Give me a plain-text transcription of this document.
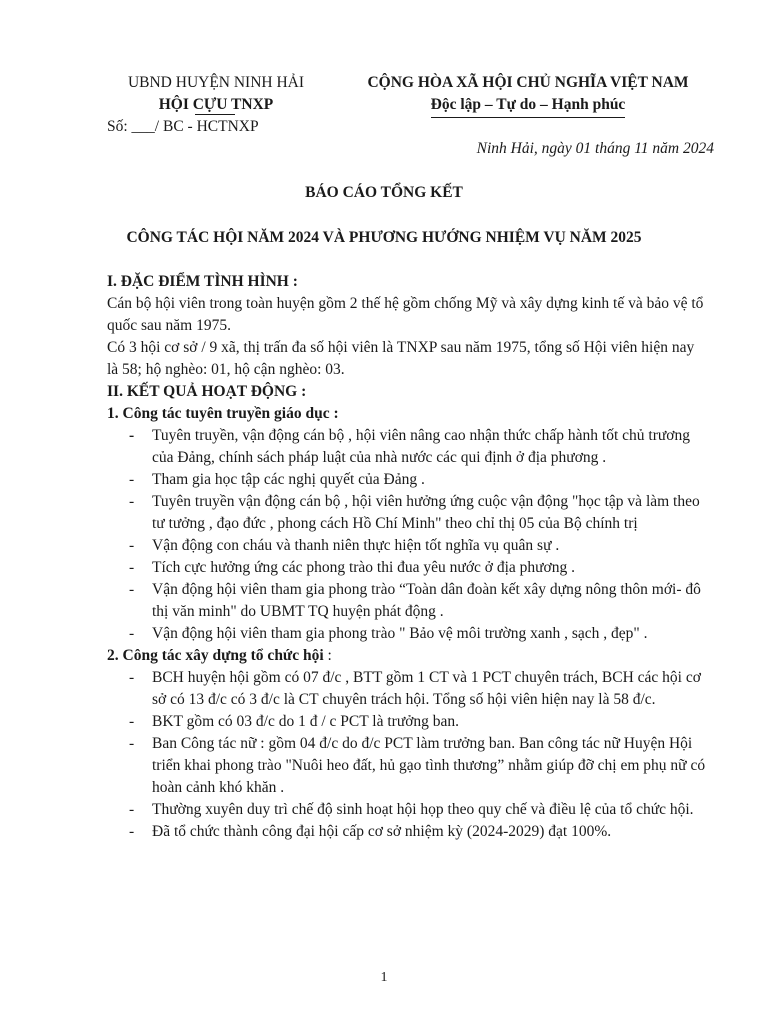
UBND HUYỆN NINH HẢI
HỘI CỰU TNXP
Số: ___/ BC - HCTNXP
CỘNG HÒA XÃ HỘI CHỦ NGHĨA VIỆT NAM
Độc lập – Tự do – Hạnh phúc
Ninh Hải, ngày 01 tháng 11 năm 2024
BÁO CÁO TỔNG KẾT
CÔNG TÁC HỘI NĂM 2024 VÀ PHƯƠNG HƯỚNG NHIỆM VỤ NĂM 2025

I. ĐẶC ĐIỂM TÌNH HÌNH :

Cán bộ hội viên trong toàn huyện gồm 2 thế hệ gồm chống Mỹ và xây dựng kinh tế và bảo vệ tổ quốc sau năm 1975.

Có 3 hội cơ sở / 9 xã, thị trấn đa số hội viên là TNXP sau năm 1975, tổng số Hội viên hiện nay là 58; hộ nghèo: 01, hộ cận nghèo: 03.

II. KẾT QUẢ HOẠT ĐỘNG :

1. Công tác tuyên truyền giáo dục :

- Tuyên truyền, vận động cán bộ , hội viên nâng cao nhận thức chấp hành tốt chủ trương của Đảng, chính sách pháp luật của nhà nước các qui định ở địa phương .
- Tham gia học tập các nghị quyết của Đảng .
- Tuyên truyền vận động cán bộ , hội viên hưởng ứng cuộc vận động "học tập và làm theo tư tưởng , đạo đức , phong cách Hồ Chí Minh" theo chỉ thị 05 của Bộ chính trị
- Vận động con cháu và thanh niên thực hiện tốt nghĩa vụ quân sự .
- Tích cực hưởng ứng các phong trào thi đua yêu nước ở địa phương .
- Vận động hội viên tham gia phong trào “Toàn dân đoàn kết xây dựng nông thôn mới- đô thị văn minh" do UBMT TQ huyện phát động .
- Vận động hội viên tham gia phong trào " Bảo vệ môi trường xanh , sạch , đẹp" .

2. Công tác xây dựng tổ chức hội :

- BCH huyện hội gồm có 07 đ/c , BTT gồm 1 CT và 1 PCT chuyên trách, BCH các hội cơ sở có 13 đ/c có 3 đ/c là CT chuyên trách hội. Tổng số hội viên hiện nay là 58 đ/c.
- BKT gồm có 03 đ/c do 1 đ / c PCT là trưởng ban.
- Ban Công tác nữ : gồm 04 đ/c do đ/c PCT làm trưởng ban. Ban công tác nữ Huyện Hội triển khai phong trào "Nuôi heo đất, hủ gạo tình thương” nhằm giúp đỡ chị em phụ nữ có hoàn cảnh khó khăn .
- Thường xuyên duy trì chế độ sinh hoạt hội họp theo quy chế và điều lệ của tổ chức hội.
- Đã tổ chức thành công đại hội cấp cơ sở nhiệm kỳ (2024-2029) đạt 100%.
1
